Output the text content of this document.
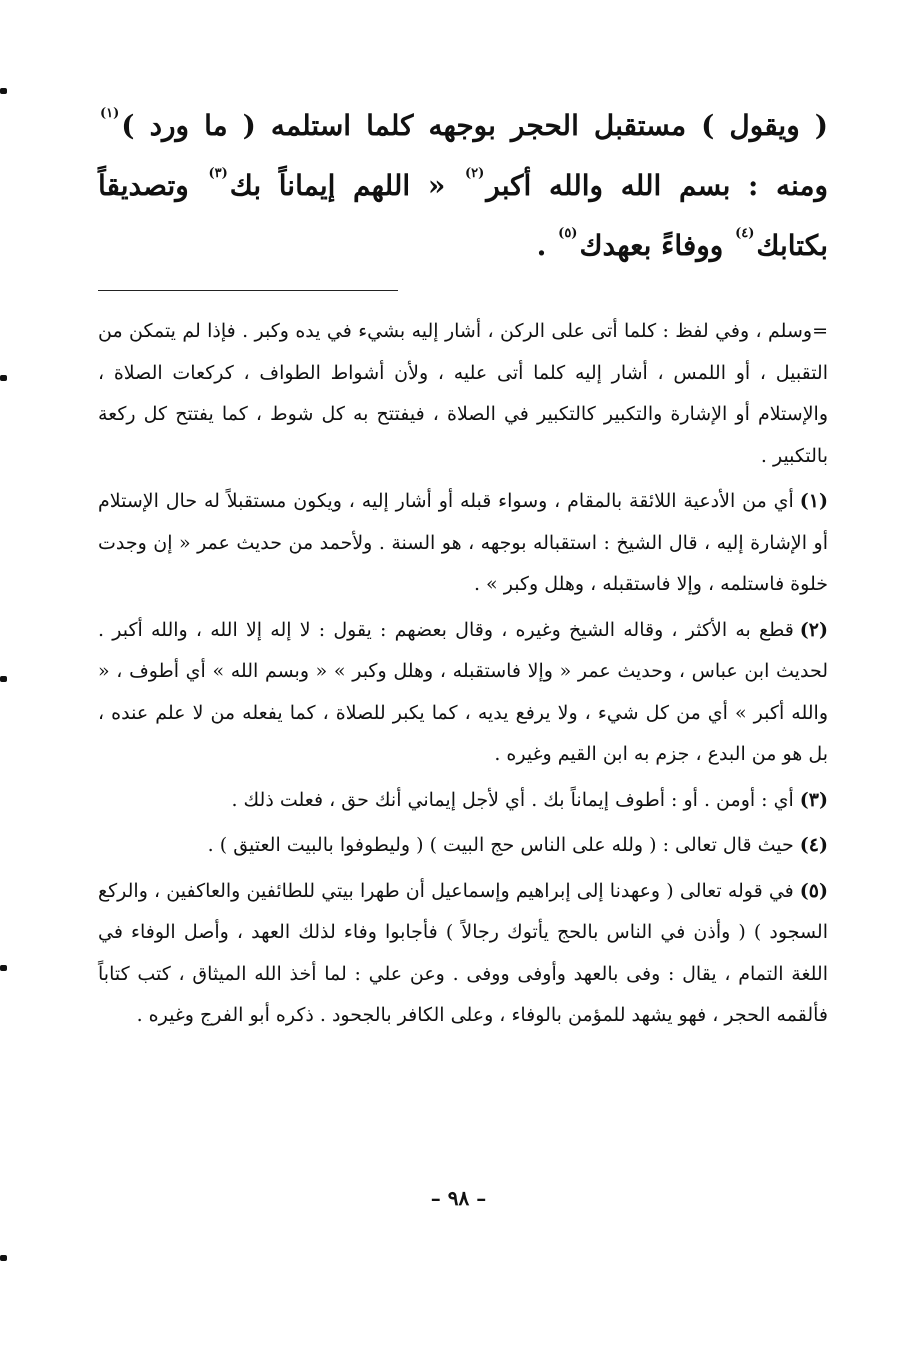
( ويقول ) مستقبل الحجر بوجهه كلما استلمه ( ما ورد )$^{(١)}$
ومنه : بسم الله والله أكبر$^{(٢)}$ « اللهم إيماناً بك$^{(٣)}$ وتصديقاً
بكتابك$^{(٤)}$ ووفاءً بعهدك$^{(٥)}$ .

=وسلم ، وفي لفظ : كلما أتى على الركن ، أشار إليه بشيء في يده وكبر . فإذا لم يتمكن من التقبيل ، أو اللمس ، أشار إليه كلما أتى عليه ، ولأن أشواط الطواف ، كركعات الصلاة ، والإستلام أو الإشارة والتكبير كالتكبير في الصلاة ، فيفتتح به كل شوط ، كما يفتتح كل ركعة بالتكبير .

(١)أي من الأدعية اللائقة بالمقام ، وسواء قبله أو أشار إليه ، ويكون مستقبلاً له حال الإستلام أو الإشارة إليه ، قال الشيخ : استقباله بوجهه ، هو السنة . ولأحمد من حديث عمر « إن وجدت خلوة فاستلمه ، وإلا فاستقبله ، وهلل وكبر » .

(٢)قطع به الأكثر ، وقاله الشيخ وغيره ، وقال بعضهم : يقول : لا إله إلا الله ، والله أكبر . لحديث ابن عباس ، وحديث عمر « وإلا فاستقبله ، وهلل وكبر » « وبسم الله » أي أطوف ، « والله أكبر » أي من كل شيء ، ولا يرفع يديه ، كما يكبر للصلاة ، كما يفعله من لا علم عنده ، بل هو من البدع ، جزم به ابن القيم وغيره .

(٣)أي : أومن . أو : أطوف إيماناً بك . أي لأجل إيماني أنك حق ، فعلت ذلك .

(٤)حيث قال تعالى : ( ولله على الناس حج البيت ) ( وليطوفوا بالبيت العتيق ) .

(٥)في قوله تعالى ( وعهدنا إلى إبراهيم وإسماعيل أن طهرا بيتي للطائفين والعاكفين ، والركع السجود ) ( وأذن في الناس بالحج يأتوك رجالاً ) فأجابوا وفاء لذلك العهد ، وأصل الوفاء في اللغة التمام ، يقال : وفى بالعهد وأوفى ووفى . وعن علي : لما أخذ الله الميثاق ، كتب كتاباً فألقمه الحجر ، فهو يشهد للمؤمن بالوفاء ، وعلى الكافر بالجحود . ذكره أبو الفرج وغيره .

– ٩٨ –
